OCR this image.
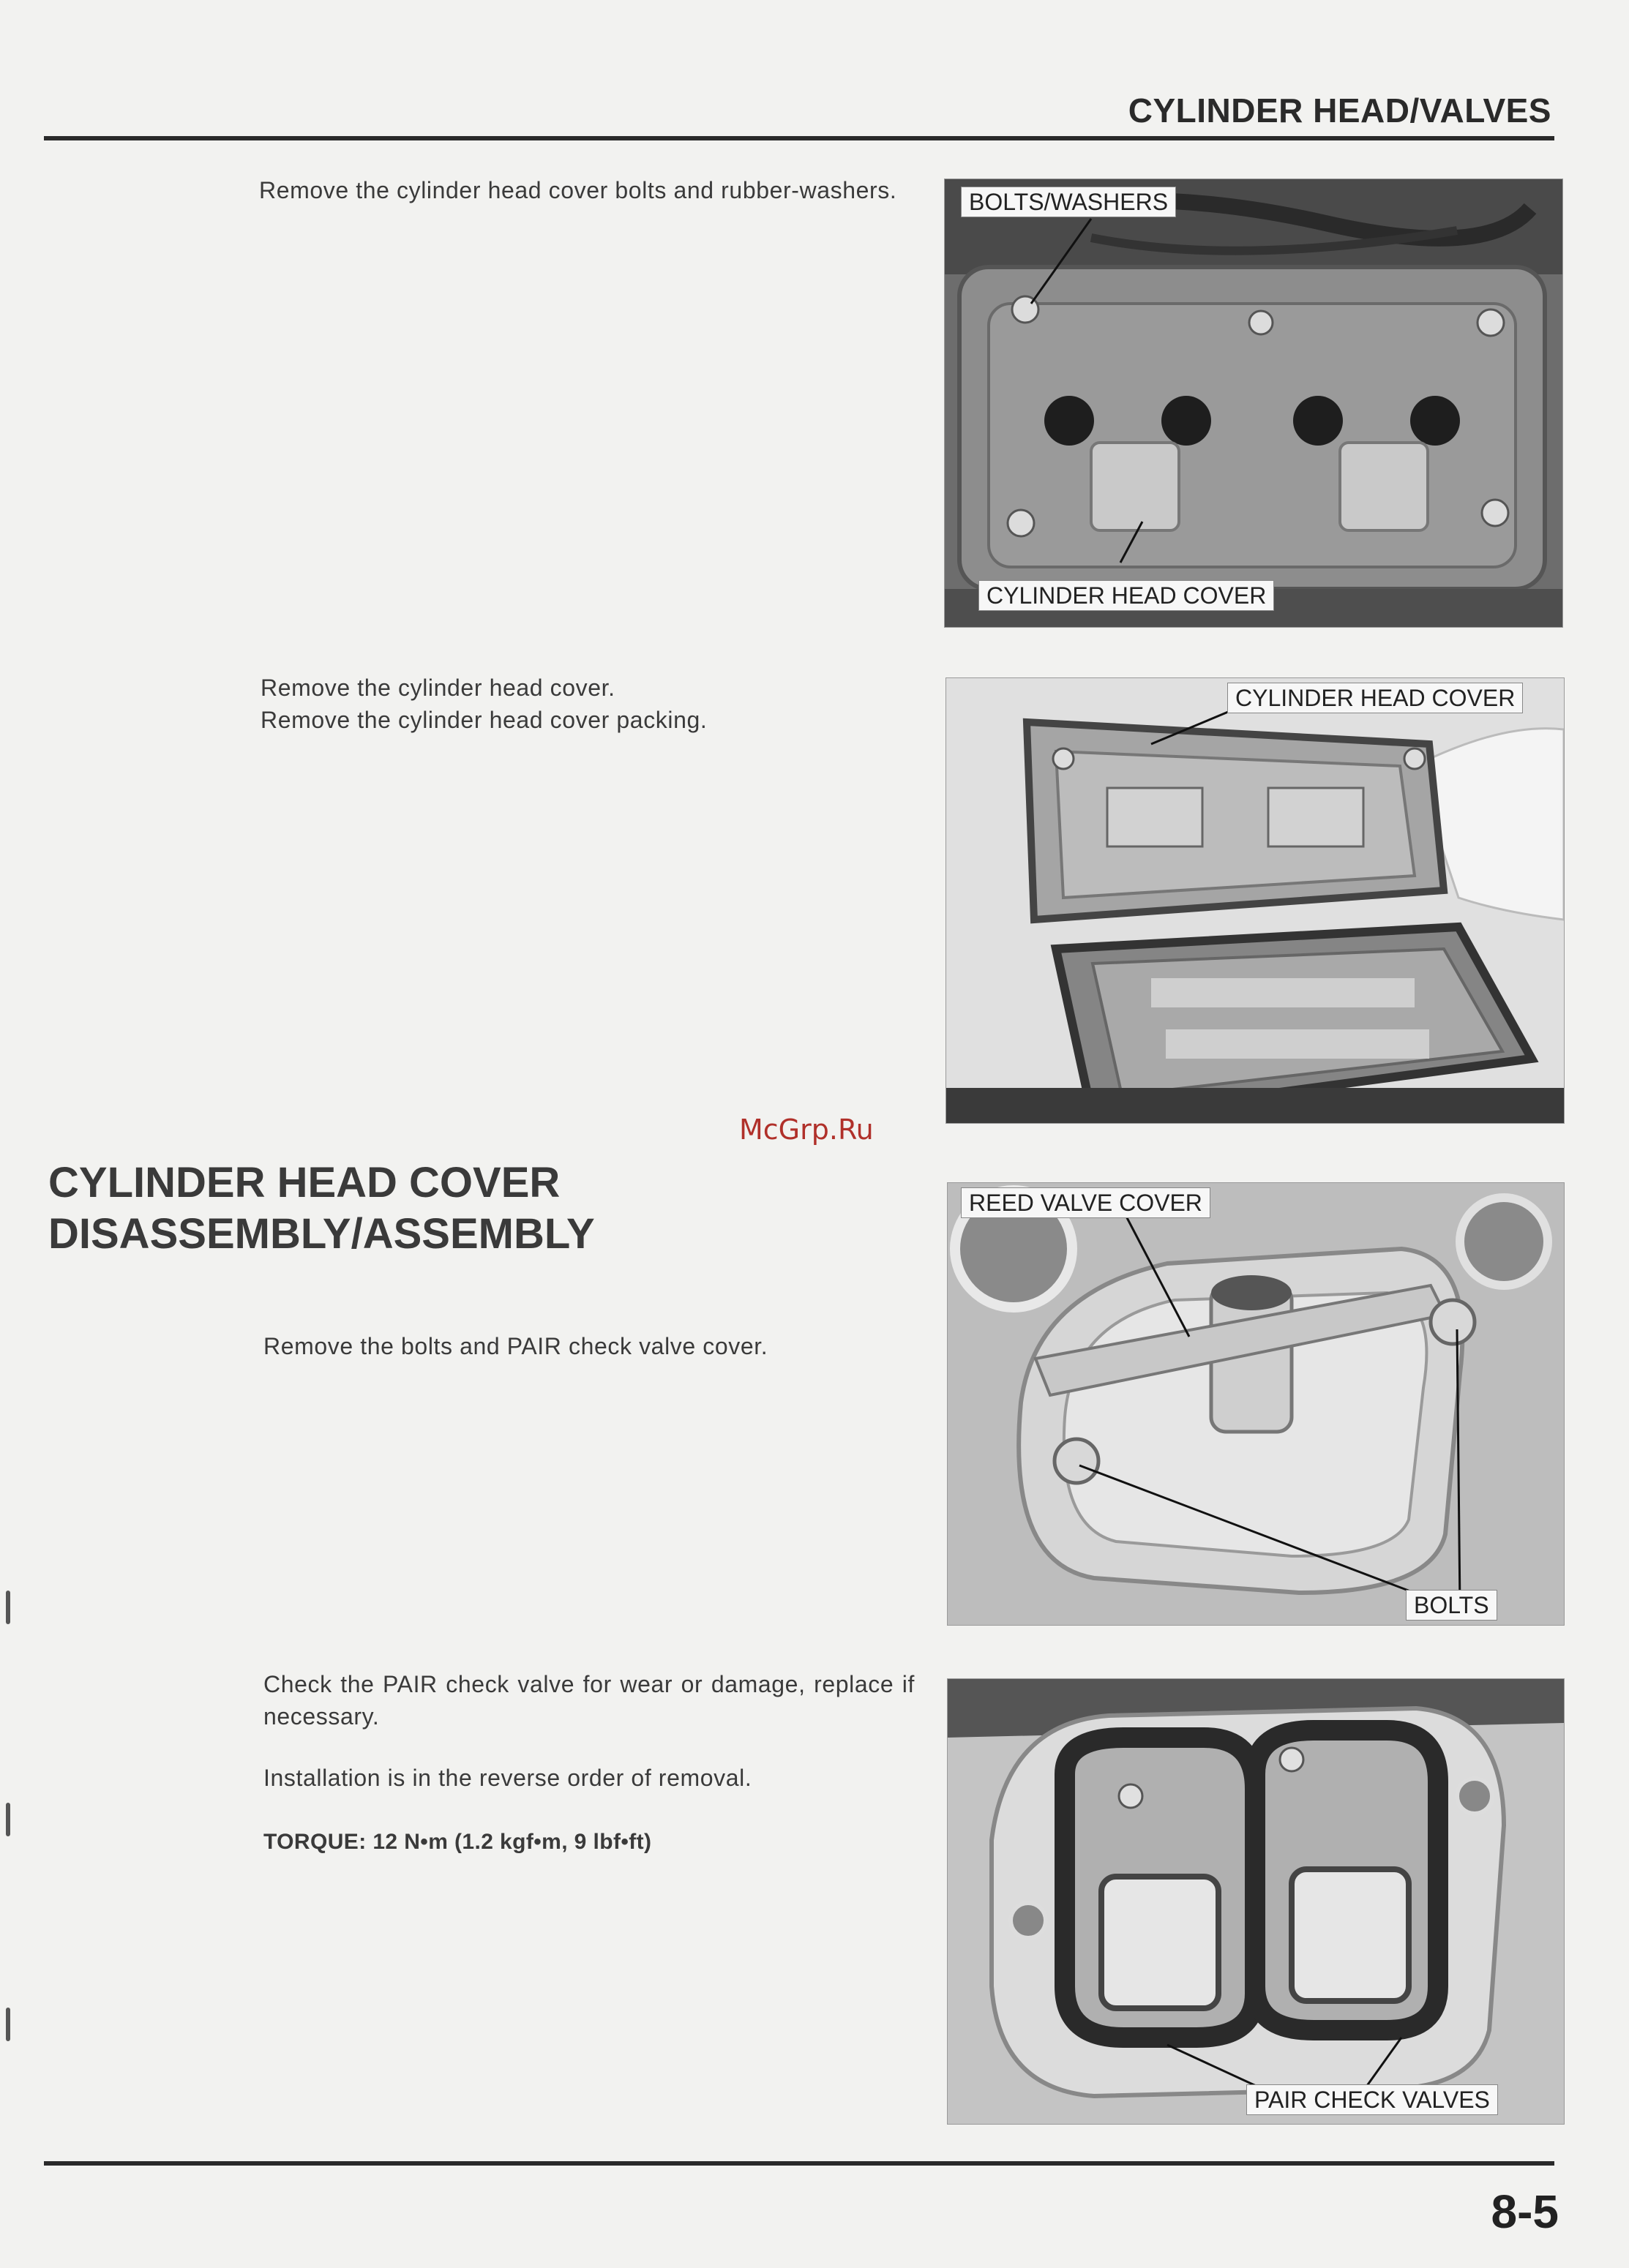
CYLINDER HEAD/VALVES
Remove the cylinder head cover bolts and rubber-washers.	BOLTS/WASHERS
CYLINDER HEAD COVER
Remove the cylinder head cover.
Remove the cylinder head cover packing.
CYLINDER HEAD COVER
McGrp.Ru
CYLINDER HEAD COVER
DISASSEMBLY/ASSEMBLY
Remove the bolts and PAIR check valve cover.
REED VALVE COVER
BOLTS
Check the PAIR check valve for wear or damage, replace if necessary.
Installation is in the reverse order of removal.
TORQUE: 12 N•m (1.2 kgf•m, 9 lbf•ft)
PAIR CHECK VALVES
8-5
